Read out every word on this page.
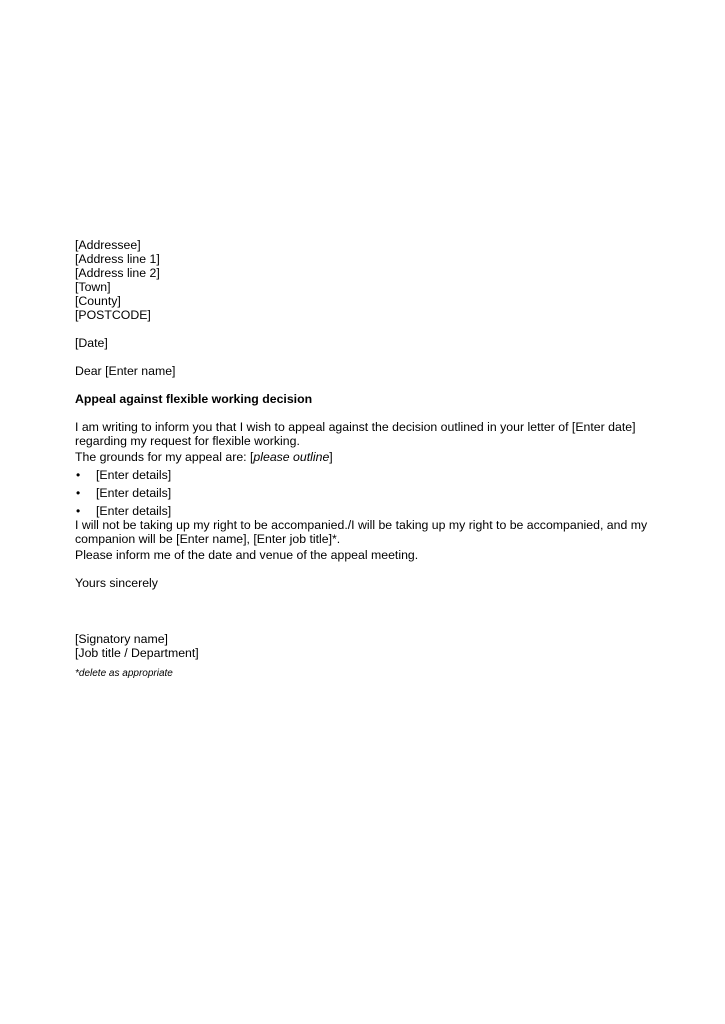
[Addressee]
[Address line 1]
[Address line 2]
[Town]
[County]
[POSTCODE]
[Date]
Dear [Enter name]
Appeal against flexible working decision
I am writing to inform you that I wish to appeal against the decision outlined in your letter of [Enter date]
regarding my request for flexible working.
The grounds for my appeal are: [please outline]
• [Enter details]
• [Enter details]
• [Enter details]
I will not be taking up my right to be accompanied./I will be taking up my right to be accompanied, and my
companion will be [Enter name], [Enter job title]*.
Please inform me of the date and venue of the appeal meeting.
Yours sincerely
[Signatory name]
[Job title / Department]
*delete as appropriate
